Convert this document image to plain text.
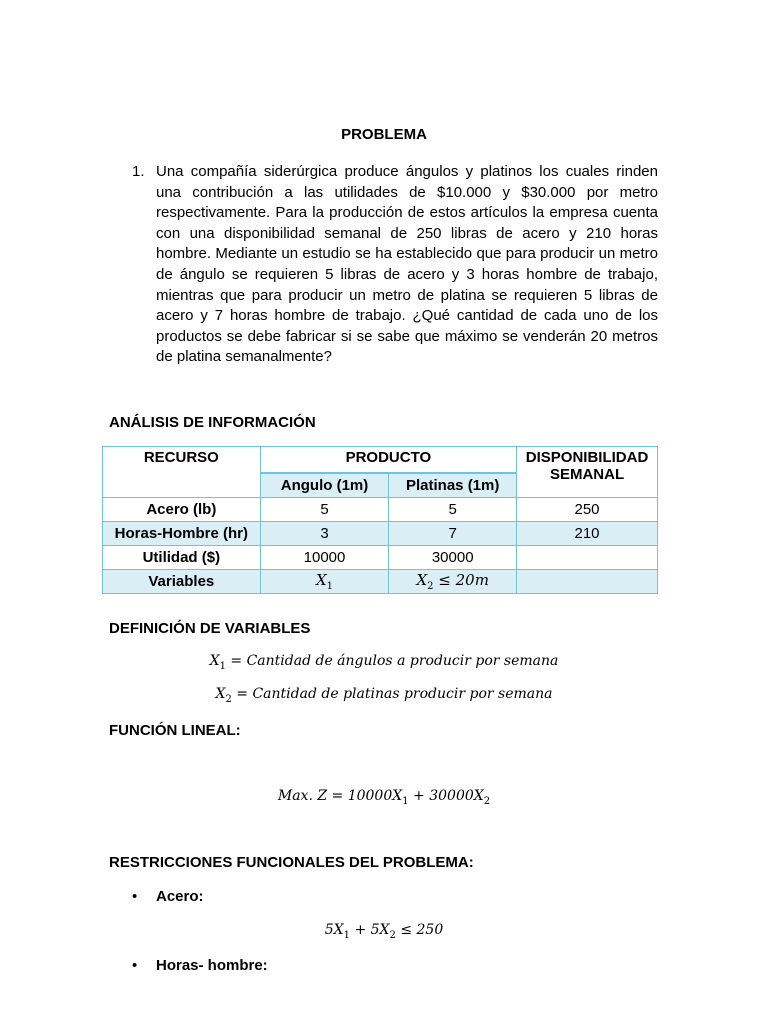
PROBLEMA
1. Una compañía siderúrgica produce ángulos y platinos los cuales rinden una contribución a las utilidades de $10.000 y $30.000 por metro respectivamente. Para la producción de estos artículos la empresa cuenta con una disponibilidad semanal de 250 libras de acero y 210 horas hombre. Mediante un estudio se ha establecido que para producir un metro de ángulo se requieren 5 libras de acero y 3 horas hombre de trabajo, mientras que para producir un metro de platina se requieren 5 libras de acero y 7 horas hombre de trabajo. ¿Qué cantidad de cada uno de los productos se debe fabricar si se sabe que máximo se venderán 20 metros de platina semanalmente?
ANÁLISIS DE INFORMACIÓN
RECURSO	PRODUCTO		DISPONIBILIDAD SEMANAL
	Angulo (1m)	Platinas (1m)	
Acero (lb)	5	5	250
Horas-Hombre (hr)	3	7	210
Utilidad ($)	10000	30000	
Variables	$X_1$	$X_2 \le 20m$	
DEFINICIÓN DE VARIABLES
$X_1$ = Cantidad de ángulos a producir por semana
$X_2$ = Cantidad de platinas producir por semana
FUNCIÓN LINEAL:
Max. $Z = 10000X_1 + 30000X_2$
RESTRICCIONES FUNCIONALES DEL PROBLEMA:
• Acero:
$5X_1 + 5X_2 \le 250$
• Horas- hombre:
